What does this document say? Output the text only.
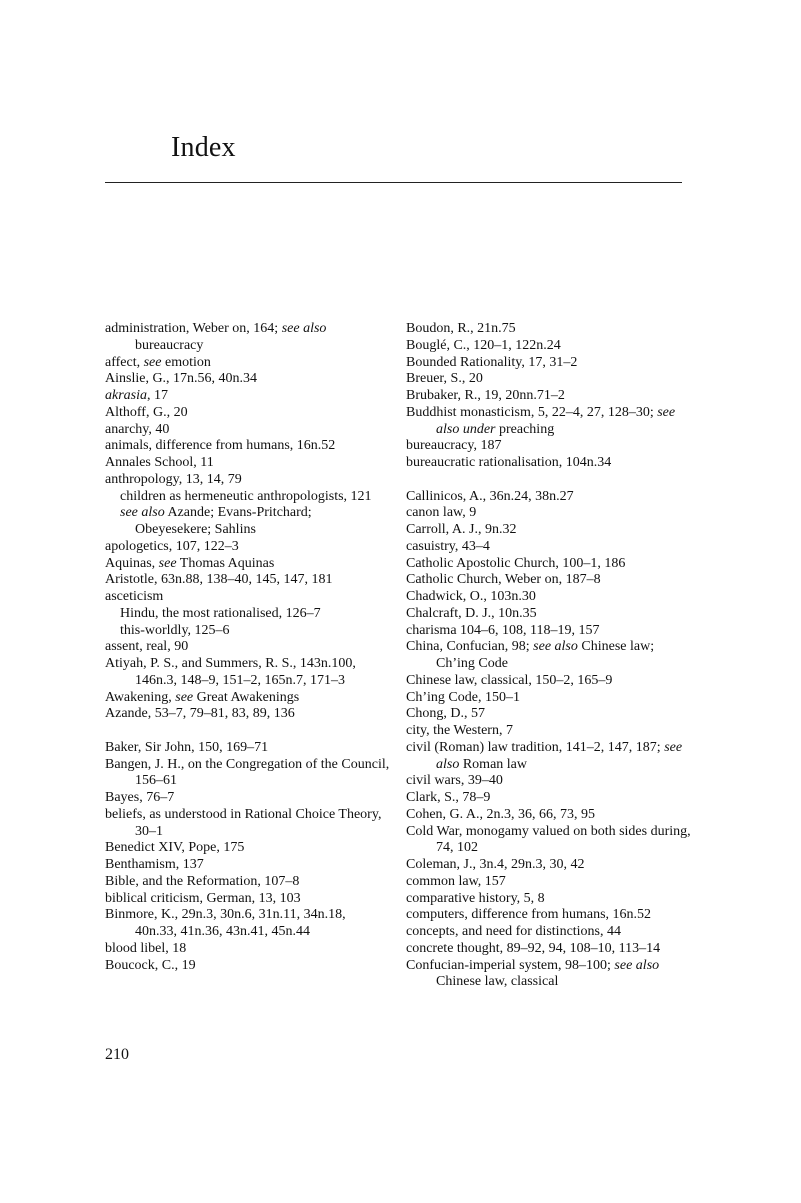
Index
administration, Weber on, 164; see also bureaucracy
affect, see emotion
Ainslie, G., 17n.56, 40n.34
akrasia, 17
Althoff, G., 20
anarchy, 40
animals, difference from humans, 16n.52
Annales School, 11
anthropology, 13, 14, 79
children as hermeneutic anthropologists, 121
see also Azande; Evans-Pritchard; Obeyesekere; Sahlins
apologetics, 107, 122–3
Aquinas, see Thomas Aquinas
Aristotle, 63n.88, 138–40, 145, 147, 181
asceticism
Hindu, the most rationalised, 126–7
this-worldly, 125–6
assent, real, 90
Atiyah, P. S., and Summers, R. S., 143n.100, 146n.3, 148–9, 151–2, 165n.7, 171–3
Awakening, see Great Awakenings
Azande, 53–7, 79–81, 83, 89, 136
Baker, Sir John, 150, 169–71
Bangen, J. H., on the Congregation of the Council, 156–61
Bayes, 76–7
beliefs, as understood in Rational Choice Theory, 30–1
Benedict XIV, Pope, 175
Benthamism, 137
Bible, and the Reformation, 107–8
biblical criticism, German, 13, 103
Binmore, K., 29n.3, 30n.6, 31n.11, 34n.18, 40n.33, 41n.36, 43n.41, 45n.44
blood libel, 18
Boucock, C., 19
Boudon, R., 21n.75
Bouglé, C., 120–1, 122n.24
Bounded Rationality, 17, 31–2
Breuer, S., 20
Brubaker, R., 19, 20nn.71–2
Buddhist monasticism, 5, 22–4, 27, 128–30; see also under preaching
bureaucracy, 187
bureaucratic rationalisation, 104n.34
Callinicos, A., 36n.24, 38n.27
canon law, 9
Carroll, A. J., 9n.32
casuistry, 43–4
Catholic Apostolic Church, 100–1, 186
Catholic Church, Weber on, 187–8
Chadwick, O., 103n.30
Chalcraft, D. J., 10n.35
charisma 104–6, 108, 118–19, 157
China, Confucian, 98; see also Chinese law; Ch’ing Code
Chinese law, classical, 150–2, 165–9
Ch’ing Code, 150–1
Chong, D., 57
city, the Western, 7
civil (Roman) law tradition, 141–2, 147, 187; see also Roman law
civil wars, 39–40
Clark, S., 78–9
Cohen, G. A., 2n.3, 36, 66, 73, 95
Cold War, monogamy valued on both sides during, 74, 102
Coleman, J., 3n.4, 29n.3, 30, 42
common law, 157
comparative history, 5, 8
computers, difference from humans, 16n.52
concepts, and need for distinctions, 44
concrete thought, 89–92, 94, 108–10, 113–14
Confucian-imperial system, 98–100; see also Chinese law, classical
210
